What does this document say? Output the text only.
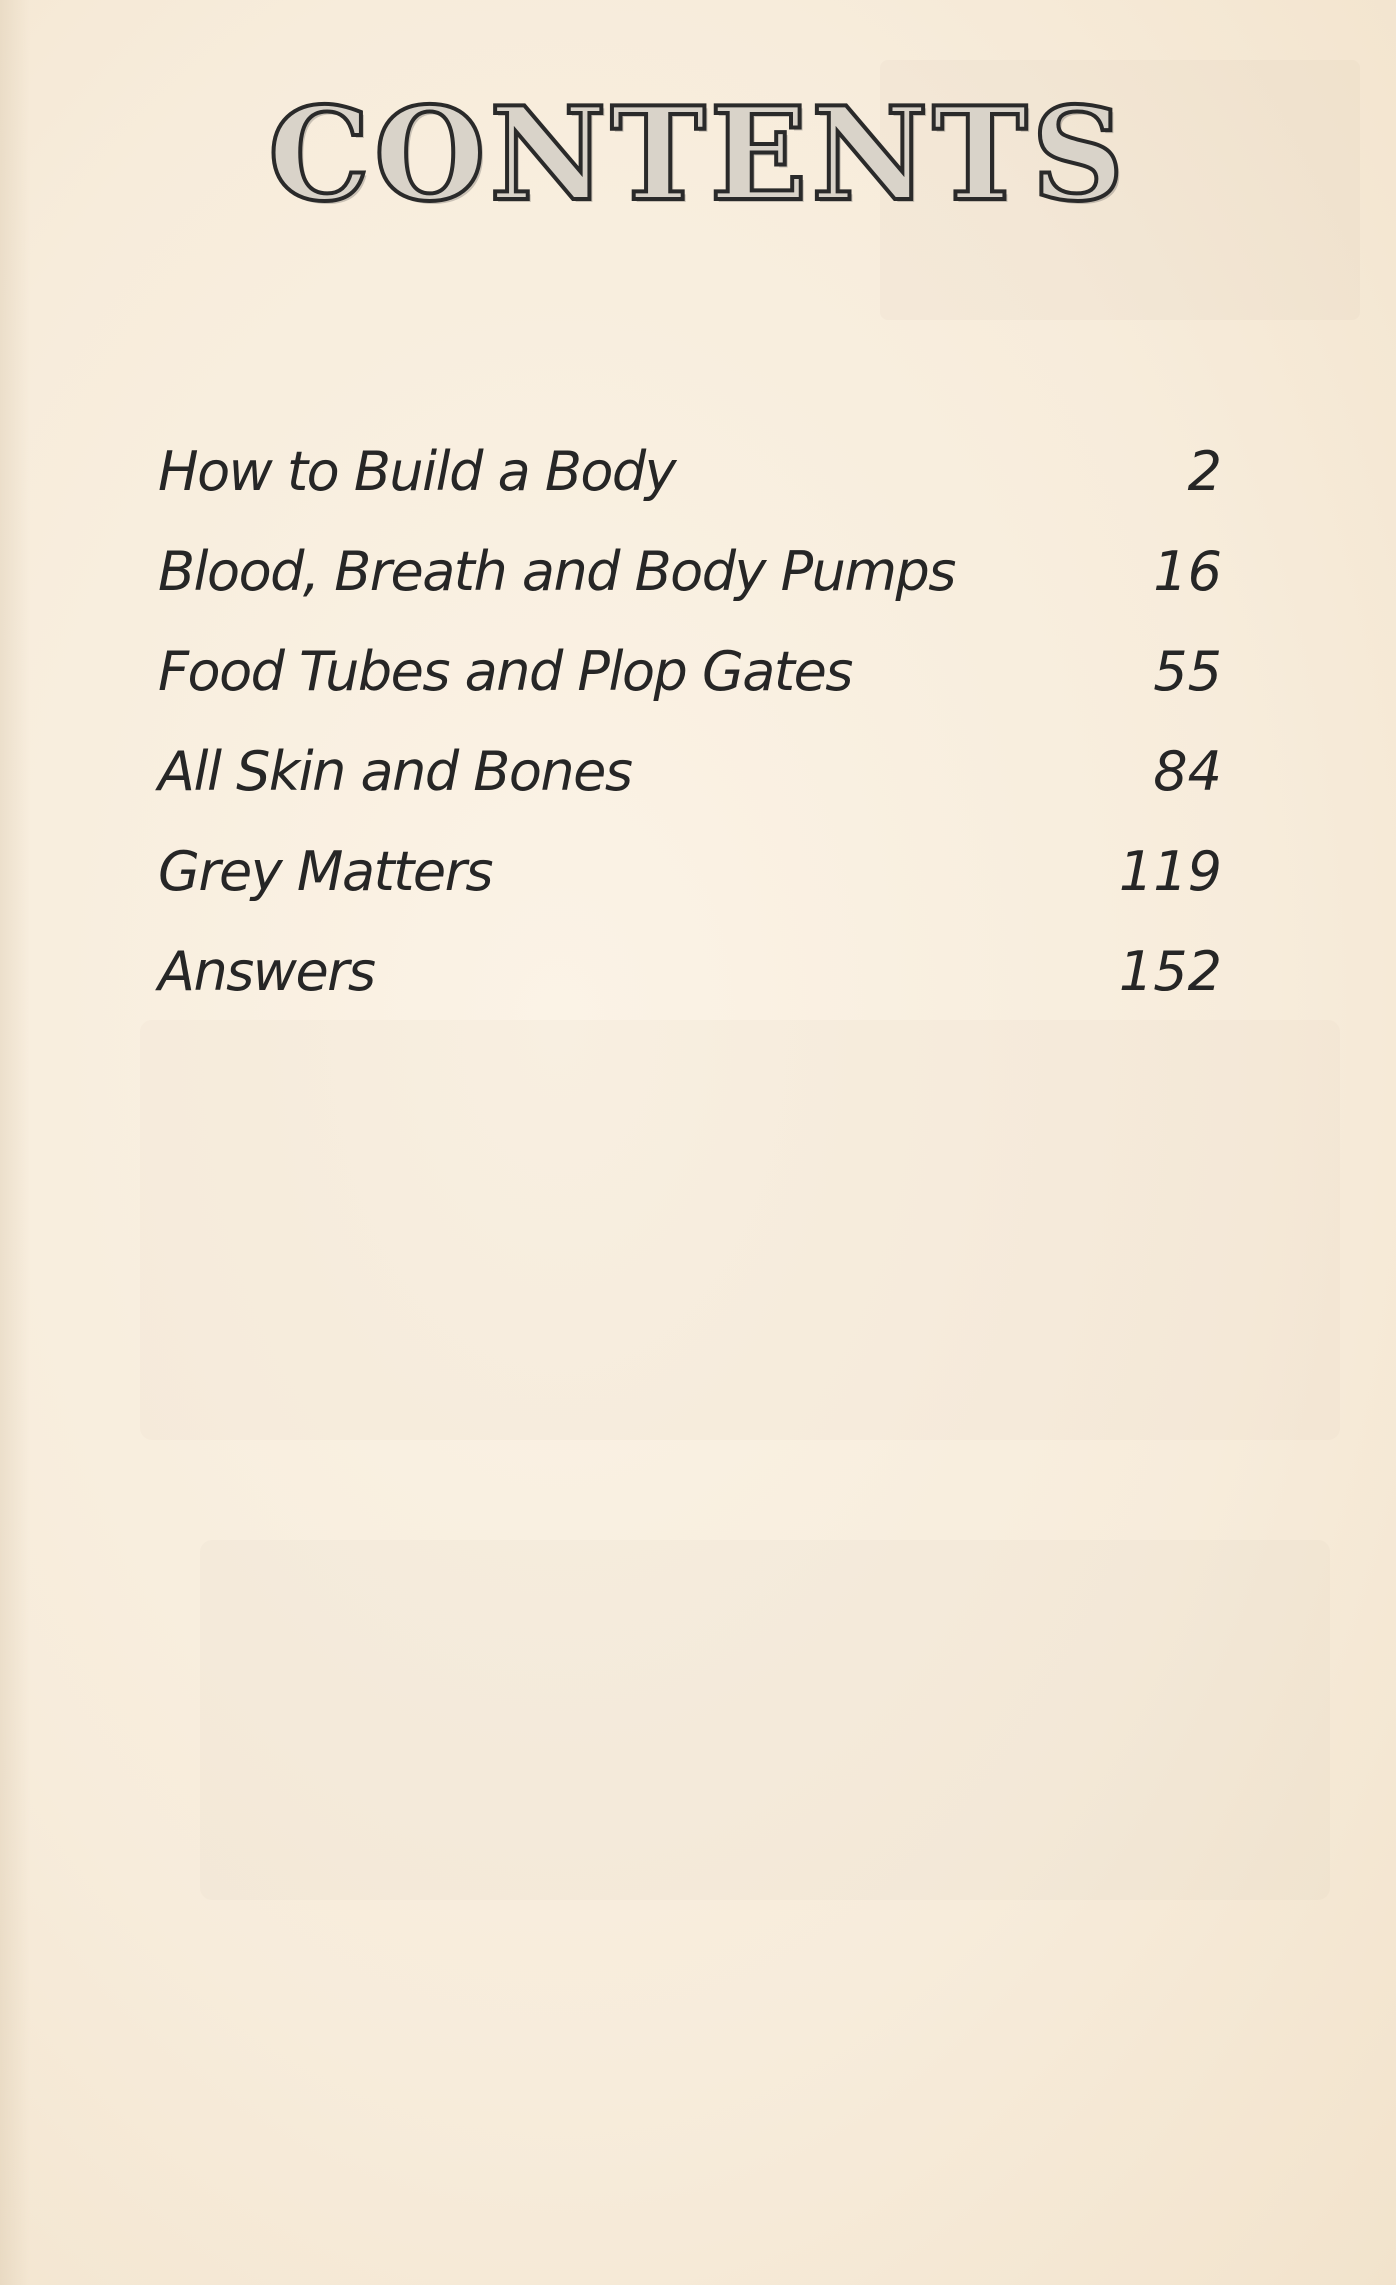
CONTENTS
How to Build a Body	2
Blood, Breath and Body Pumps	16
Food Tubes and Plop Gates	55
All Skin and Bones	84
Grey Matters	119
Answers	152
